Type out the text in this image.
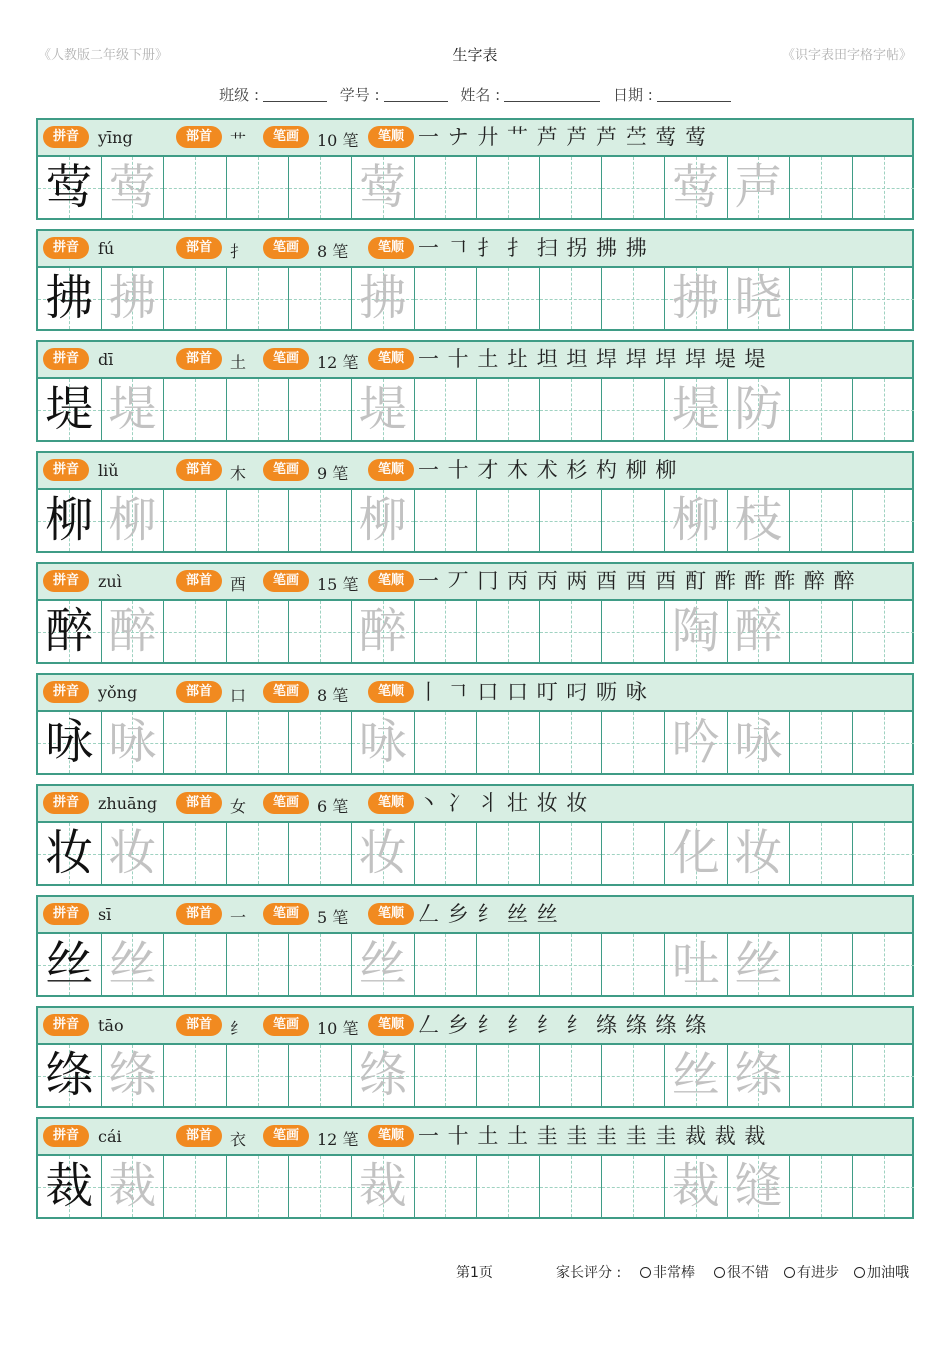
《人教版二年级下册》	生字表	《识字表田字格字帖》
班级 :	学号 :	姓名 :	日期 :
拼音	yīng	部首	艹	笔画	10 笔	笔顺 一 ナ 廾 艹 芦 芦 芦 苎 莺 莺
莺 莺	莺	莺 声
拼音	fú	部首	扌	笔画	8 笔	笔顺 一 𠃍 扌 扌 扫 拐 拂 拂
拂 拂	拂	拂 晓
拼音	dī	部首	土	笔画	12 笔	笔顺 一 十 土 圵 坦 坦 垾 垾 垾 垾 堤 堤
堤 堤	堤	堤 防
拼音	liǔ	部首	木	笔画	9 笔	笔顺 一 十 才 木 术 杉 杓 柳 柳
柳 柳	柳	柳 枝
拼音	zuì	部首	酉	笔画	15 笔	笔顺 一 丆 冂 丙 丙 两 酉 酉 酉 酊 酢 酢 酢 醉 醉
醉 醉	醉	陶 醉
拼音	yǒng	部首	口	笔画	8 笔	笔顺 丨 𠃍 口 口 叮 叼 呖 咏
咏 咏	咏	吟 咏
拼音	zhuāng	部首	女	笔画	6 笔	笔顺 丶 冫 丬 壮 妆 妆
妆 妆	妆	化 妆
拼音	sī	部首	一	笔画	5 笔	笔顺 𠃋 乡 纟 丝 丝
丝 丝	丝	吐 丝
拼音	tāo	部首	纟	笔画	10 笔	笔顺 𠃋 乡 纟 纟 纟 纟 绦 绦 绦 绦
绦 绦	绦	丝 绦
拼音	cái	部首	衣	笔画	12 笔	笔顺 一 十 土 土 圭 圭 圭 圭 圭 裁 裁 裁
裁 裁	裁	裁 缝
第1页	家长评分 :	非常棒	很不错	有进步	加油哦
